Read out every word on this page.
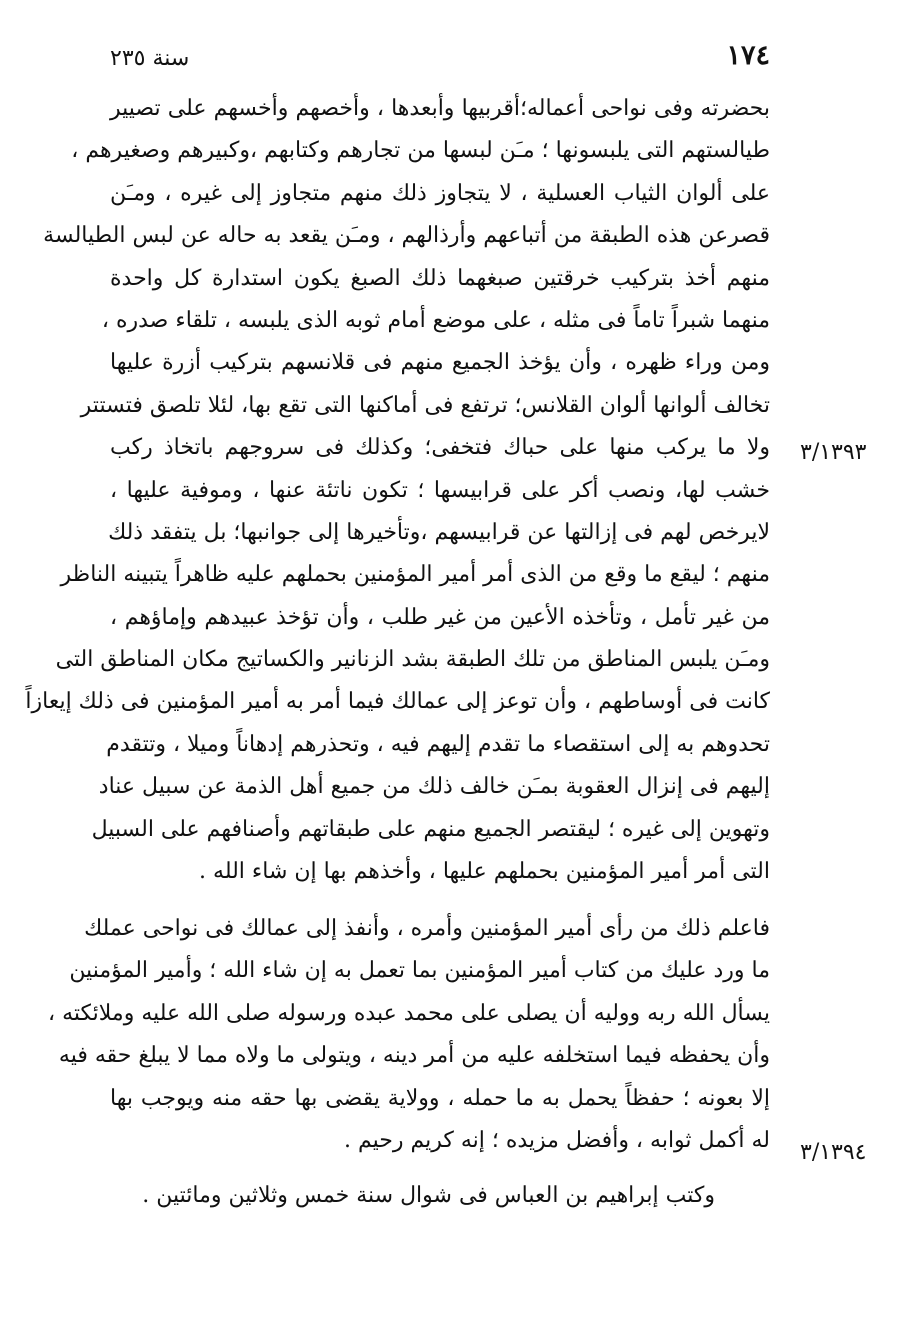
١٧٤
سنة ٢٣٥
٣/١٣٩٣
٣/١٣٩٤
بحضرته وفى نواحى أعماله؛أقربيها وأبعدها ، وأخصهم وأخسهم على تصيير
طيالستهم التى يلبسونها ؛ مـَن لبسها من تجارهم وكتابهم ،وكبيرهم وصغيرهم ،
على ألوان الثياب العسلية ، لا يتجاوز ذلك منهم متجاوز إلى غيره ، ومـَن
قصرعن هذه الطبقة من أتباعهم وأرذالهم ، ومـَن يقعد به حاله عن لبس الطيالسة
منهم أخذ بتركيب خرقتين صبغهما ذلك الصبغ يكون استدارة كل واحدة
منهما شبراً تاماً فى مثله ، على موضع أمام ثوبه الذى يلبسه ، تلقاء صدره ،
ومن وراء ظهره ، وأن يؤخذ الجميع منهم فى قلانسهم بتركيب أزرة عليها
تخالف ألوانها ألوان القلانس؛ ترتفع فى أماكنها التى تقع بها، لئلا تلصق فتستتر
ولا ما يركب منها على حباك فتخفى؛ وكذلك فى سروجهم باتخاذ ركب
خشب لها، ونصب أكر على قرابيسها ؛ تكون ناتئة عنها ، وموفية عليها ،
لايرخص لهم فى إزالتها عن قرابيسهم ،وتأخيرها إلى جوانبها؛ بل يتفقد ذلك
منهم ؛ ليقع ما وقع من الذى أمر أمير المؤمنين بحملهم عليه ظاهراً يتبينه الناظر
من غير تأمل ، وتأخذه الأعين من غير طلب ، وأن تؤخذ عبيدهم وإماؤهم ،
ومـَن يلبس المناطق من تلك الطبقة بشد الزنانير والكساتيج مكان المناطق التى
كانت فى أوساطهم ، وأن توعز إلى عمالك فيما أمر به أمير المؤمنين فى ذلك إيعازاً
تحدوهم به إلى استقصاء ما تقدم إليهم فيه ، وتحذرهم إدهاناً وميلا ، وتتقدم
إليهم فى إنزال العقوبة بمـَن خالف ذلك من جميع أهل الذمة عن سبيل عناد
وتهوين إلى غيره ؛ ليقتصر الجميع منهم على طبقاتهم وأصنافهم على السبيل
التى أمر أمير المؤمنين بحملهم عليها ، وأخذهم بها إن شاء الله .
فاعلم ذلك من رأى أمير المؤمنين وأمره ، وأنفذ إلى عمالك فى نواحى عملك
ما ورد عليك من كتاب أمير المؤمنين بما تعمل به إن شاء الله ؛ وأمير المؤمنين
يسأل الله ربه ووليه أن يصلى على محمد عبده ورسوله صلى الله عليه وملائكته ،
وأن يحفظه فيما استخلفه عليه من أمر دينه ، ويتولى ما ولاه مما لا يبلغ حقه فيه
إلا بعونه ؛ حفظاً يحمل به ما حمله ، وولاية يقضى بها حقه منه ويوجب بها
له أكمل ثوابه ، وأفضل مزيده ؛ إنه كريم رحيم .
وكتب إبراهيم بن العباس فى شوال سنة خمس وثلاثين ومائتين .
